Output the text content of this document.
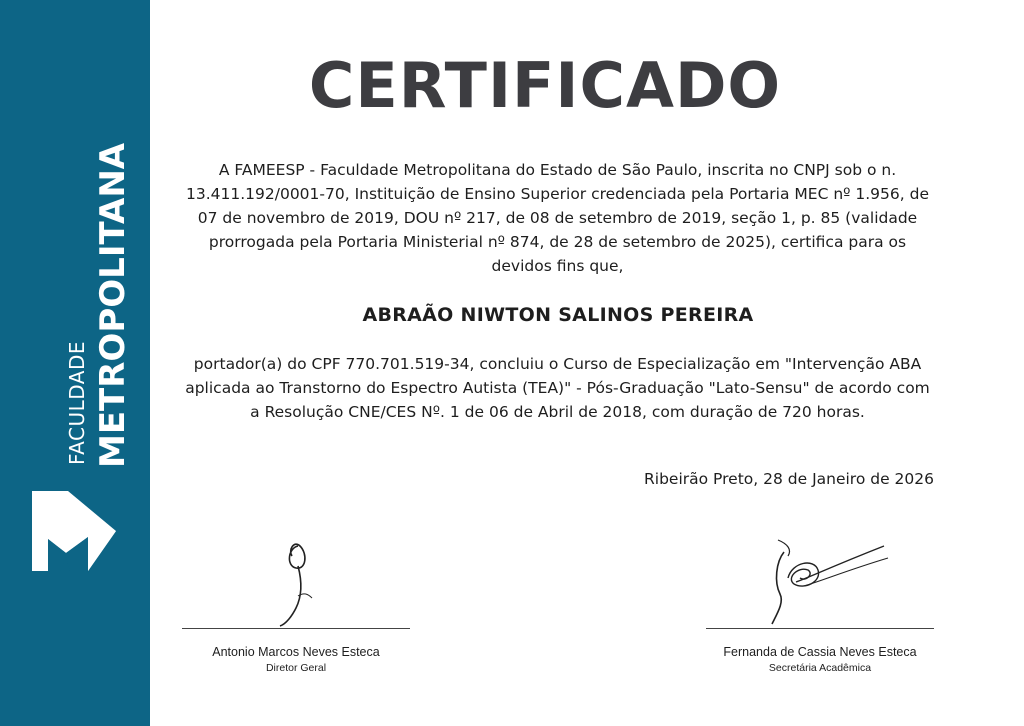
FACULDADE METROPOLITANA
CERTIFICADO
A FAMEESP - Faculdade Metropolitana do Estado de São Paulo, inscrita no CNPJ sob o n. 13.411.192/0001-70, Instituição de Ensino Superior credenciada pela Portaria MEC nº 1.956, de 07 de novembro de 2019, DOU nº 217, de 08 de setembro de 2019, seção 1, p. 85 (validade prorrogada pela Portaria Ministerial nº 874, de 28 de setembro de 2025), certifica para os devidos fins que,
ABRAÃO NIWTON SALINOS PEREIRA
portador(a) do CPF 770.701.519-34, concluiu o Curso de Especialização em "Intervenção ABA aplicada ao Transtorno do Espectro Autista (TEA)" - Pós-Graduação "Lato-Sensu" de acordo com a Resolução CNE/CES Nº. 1 de 06 de Abril de 2018, com duração de 720 horas.
Ribeirão Preto, 28 de Janeiro de 2026
Antonio Marcos Neves Esteca
Diretor Geral
Fernanda de Cassia Neves Esteca
Secretária Acadêmica
